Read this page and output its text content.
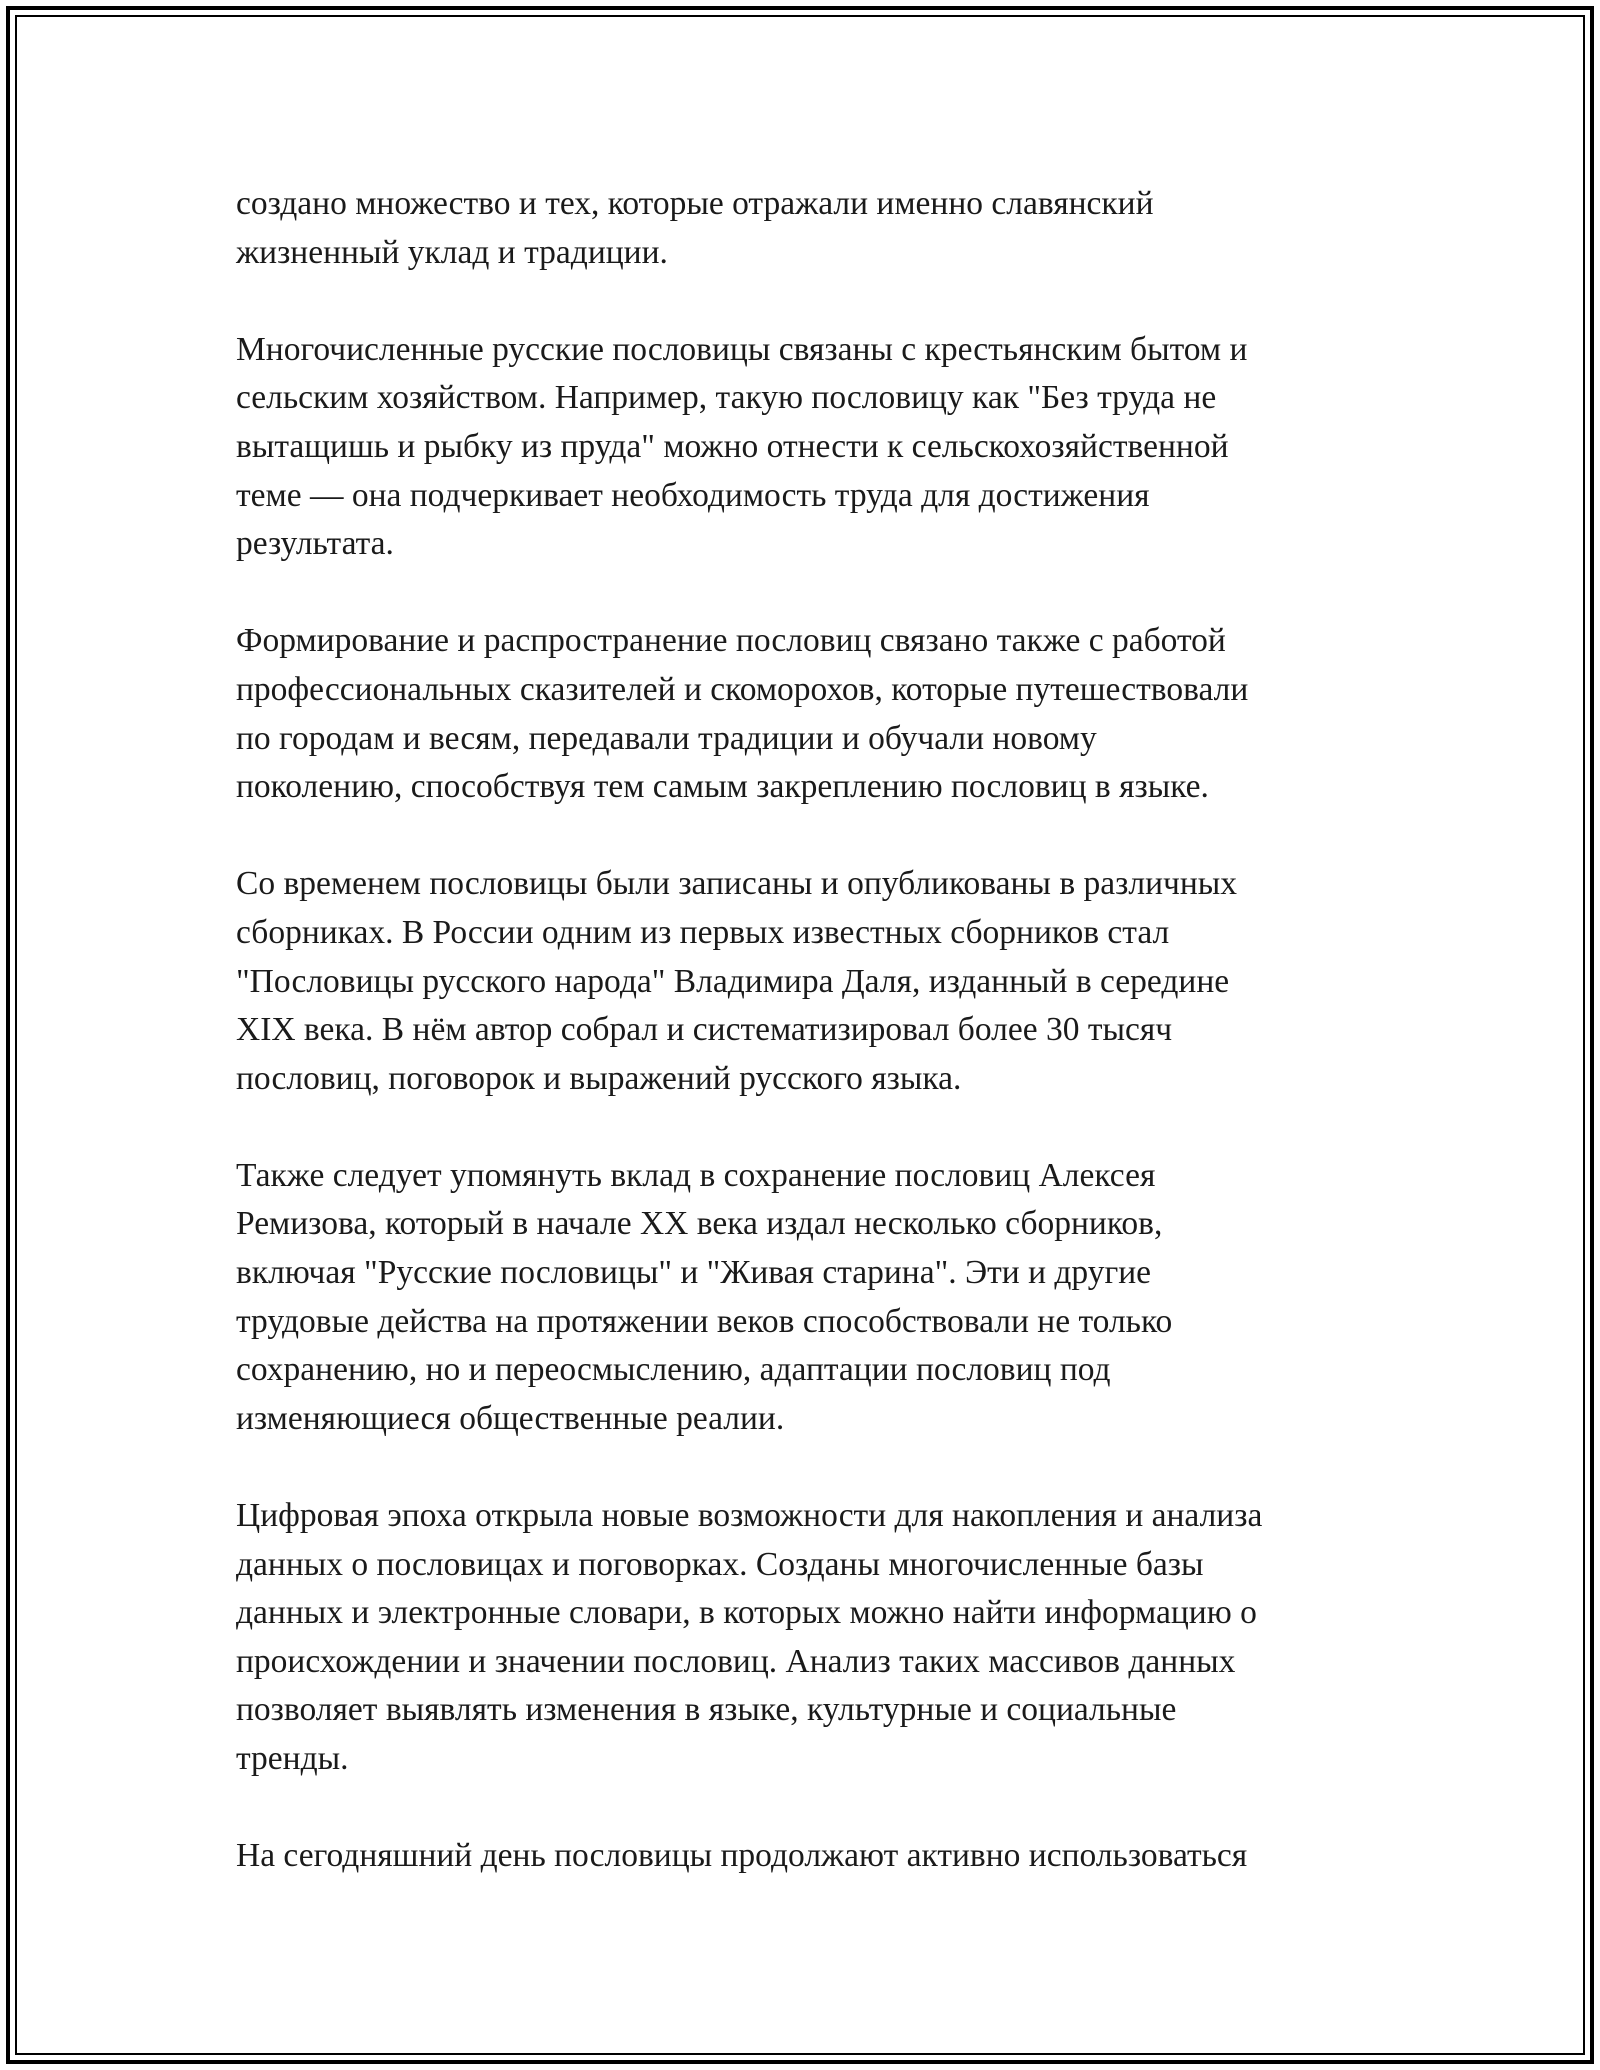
создано множество и тех, которые отражали именно славянский
жизненный уклад и традиции.

Многочисленные русские пословицы связаны с крестьянским бытом и
сельским хозяйством. Например, такую пословицу как "Без труда не
вытащишь и рыбку из пруда" можно отнести к сельскохозяйственной
теме — она подчеркивает необходимость труда для достижения
результата.

Формирование и распространение пословиц связано также с работой
профессиональных сказителей и скоморохов, которые путешествовали
по городам и весям, передавали традиции и обучали новому
поколению, способствуя тем самым закреплению пословиц в языке.

Со временем пословицы были записаны и опубликованы в различных
сборниках. В России одним из первых известных сборников стал
"Пословицы русского народа" Владимира Даля, изданный в середине
XIX века. В нём автор собрал и систематизировал более 30 тысяч
пословиц, поговорок и выражений русского языка.

Также следует упомянуть вклад в сохранение пословиц Алексея
Ремизова, который в начале XX века издал несколько сборников,
включая "Русские пословицы" и "Живая старина". Эти и другие
трудовые действа на протяжении веков способствовали не только
сохранению, но и переосмыслению, адаптации пословиц под
изменяющиеся общественные реалии.

Цифровая эпоха открыла новые возможности для накопления и анализа
данных о пословицах и поговорках. Созданы многочисленные базы
данных и электронные словари, в которых можно найти информацию о
происхождении и значении пословиц. Анализ таких массивов данных
позволяет выявлять изменения в языке, культурные и социальные
тренды.

На сегодняшний день пословицы продолжают активно использоваться
